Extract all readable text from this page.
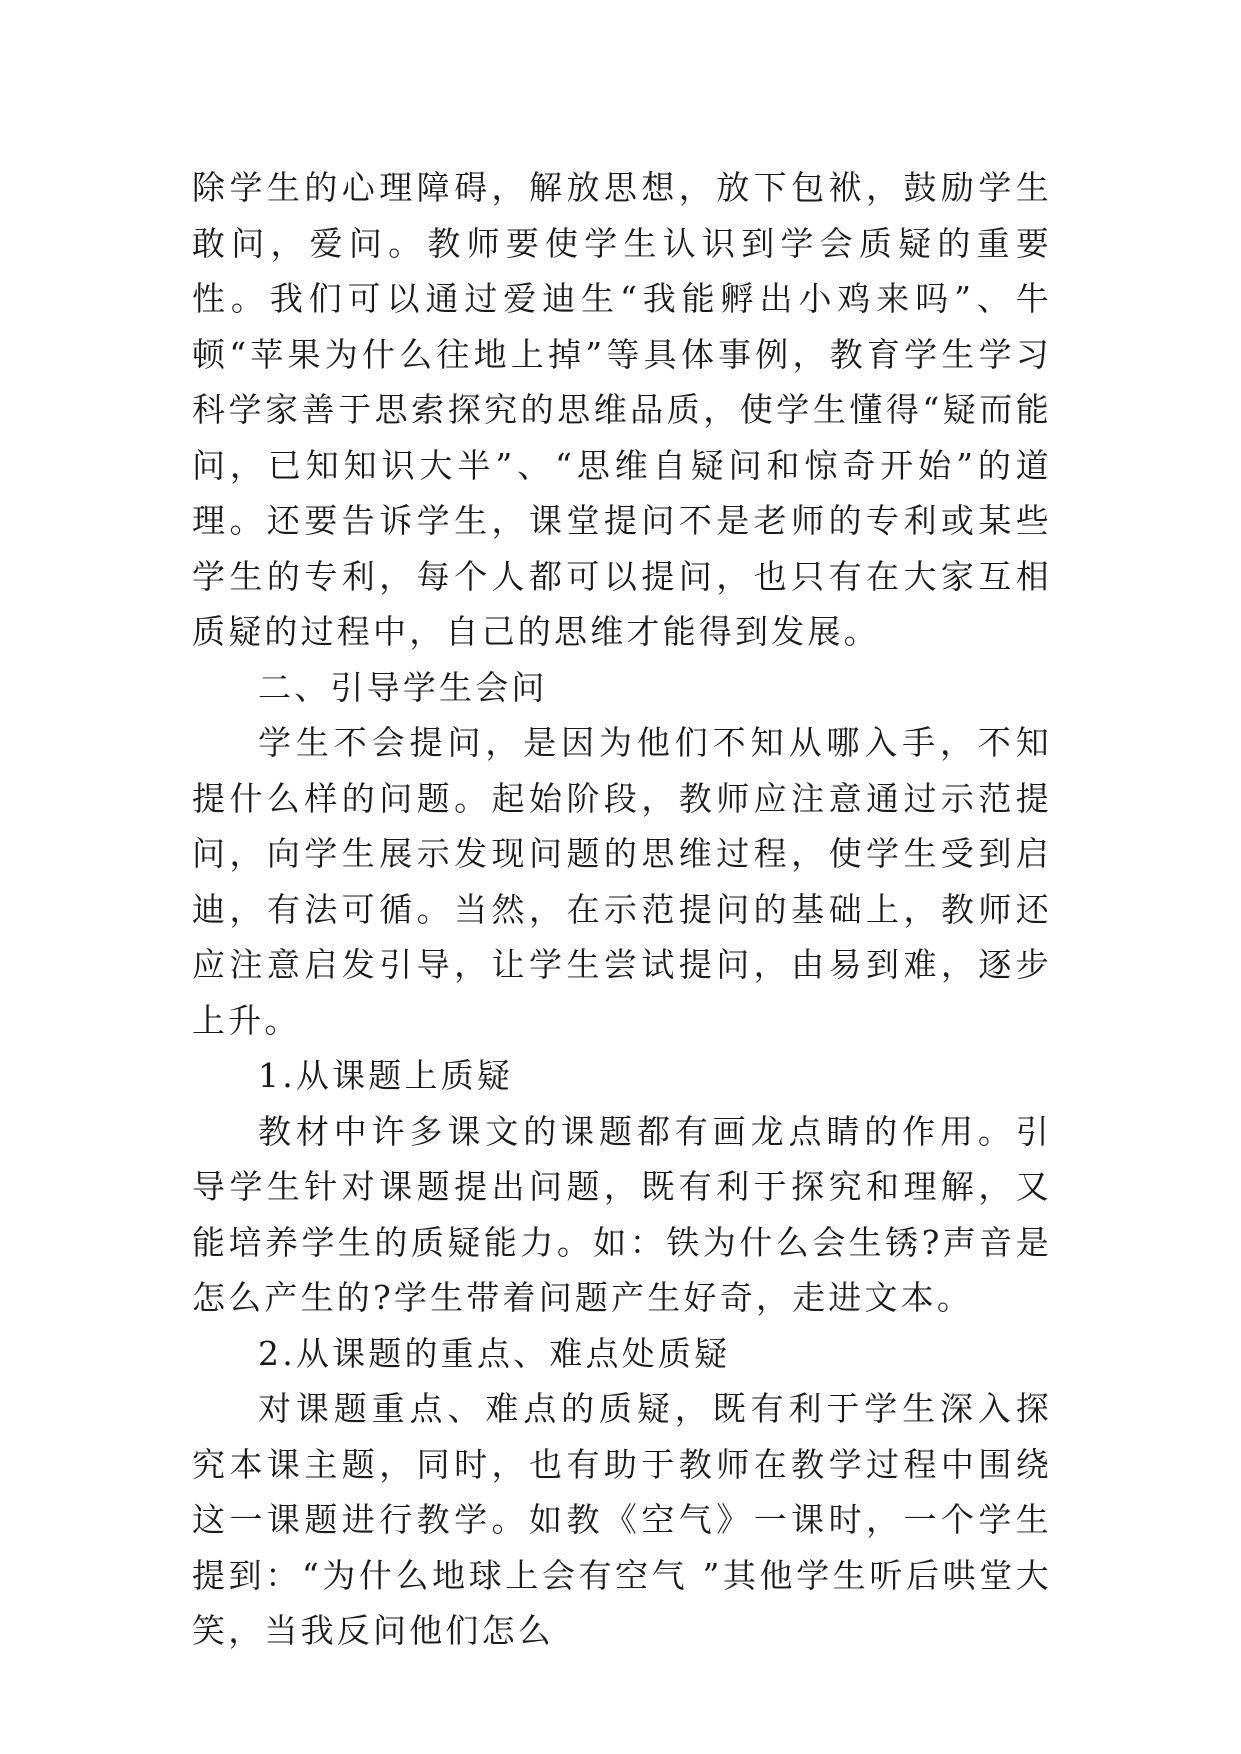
除学生的心理障碍，解放思想，放下包袱，鼓励学生敢问，爱问。教师要使学生认识到学会质疑的重要性。我们可以通过爱迪生“我能孵出小鸡来吗”、牛顿“苹果为什么往地上掉”等具体事例，教育学生学习科学家善于思索探究的思维品质，使学生懂得“疑而能问，已知知识大半”、“思维自疑问和惊奇开始”的道理。还要告诉学生，课堂提问不是老师的专利或某些学生的专利，每个人都可以提问，也只有在大家互相质疑的过程中，自己的思维才能得到发展。

二、引导学生会问

学生不会提问，是因为他们不知从哪入手，不知提什么样的问题。起始阶段，教师应注意通过示范提问，向学生展示发现问题的思维过程，使学生受到启迪，有法可循。当然，在示范提问的基础上，教师还应注意启发引导，让学生尝试提问，由易到难，逐步上升。

1.从课题上质疑

教材中许多课文的课题都有画龙点睛的作用。引导学生针对课题提出问题，既有利于探究和理解，又能培养学生的质疑能力。如：铁为什么会生锈?声音是怎么产生的?学生带着问题产生好奇，走进文本。

2.从课题的重点、难点处质疑

对课题重点、难点的质疑，既有利于学生深入探究本课主题，同时，也有助于教师在教学过程中围绕这一课题进行教学。如教《空气》一课时，一个学生提到：“为什么地球上会有空气 ”其他学生听后哄堂大笑，当我反问他们怎么
